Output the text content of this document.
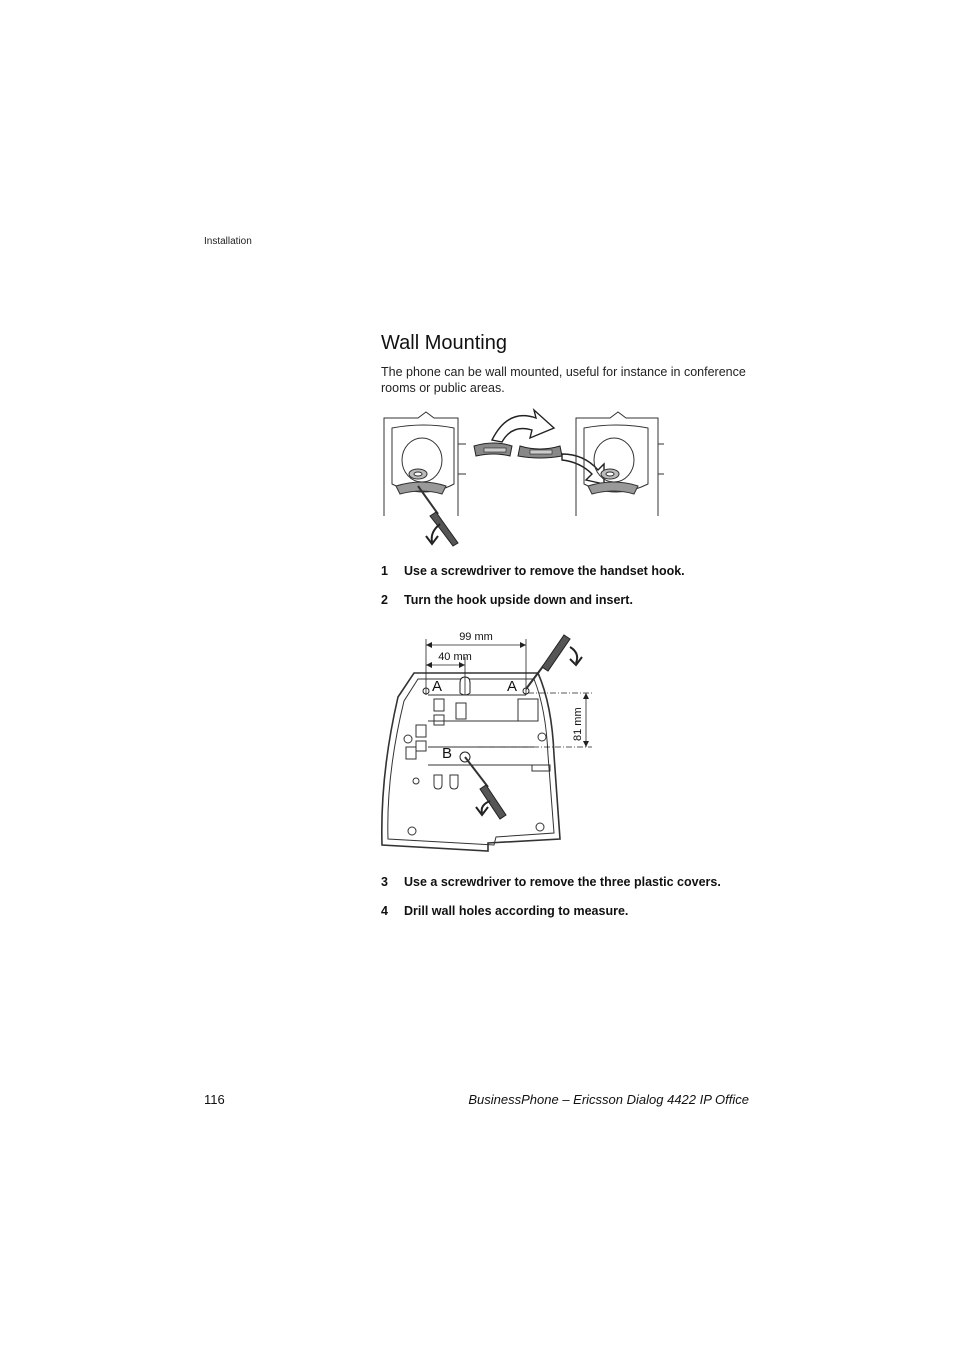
Installation
Wall Mounting

The phone can be wall mounted, useful for instance in conference rooms or public areas.

1 Use a screwdriver to remove the handset hook.
2 Turn the hook upside down and insert.
99 mm
40 mm
81 mm
A	A
B
3 Use a screwdriver to remove the three plastic covers.
4 Drill wall holes according to measure.
116	BusinessPhone – Ericsson Dialog 4422 IP Office
